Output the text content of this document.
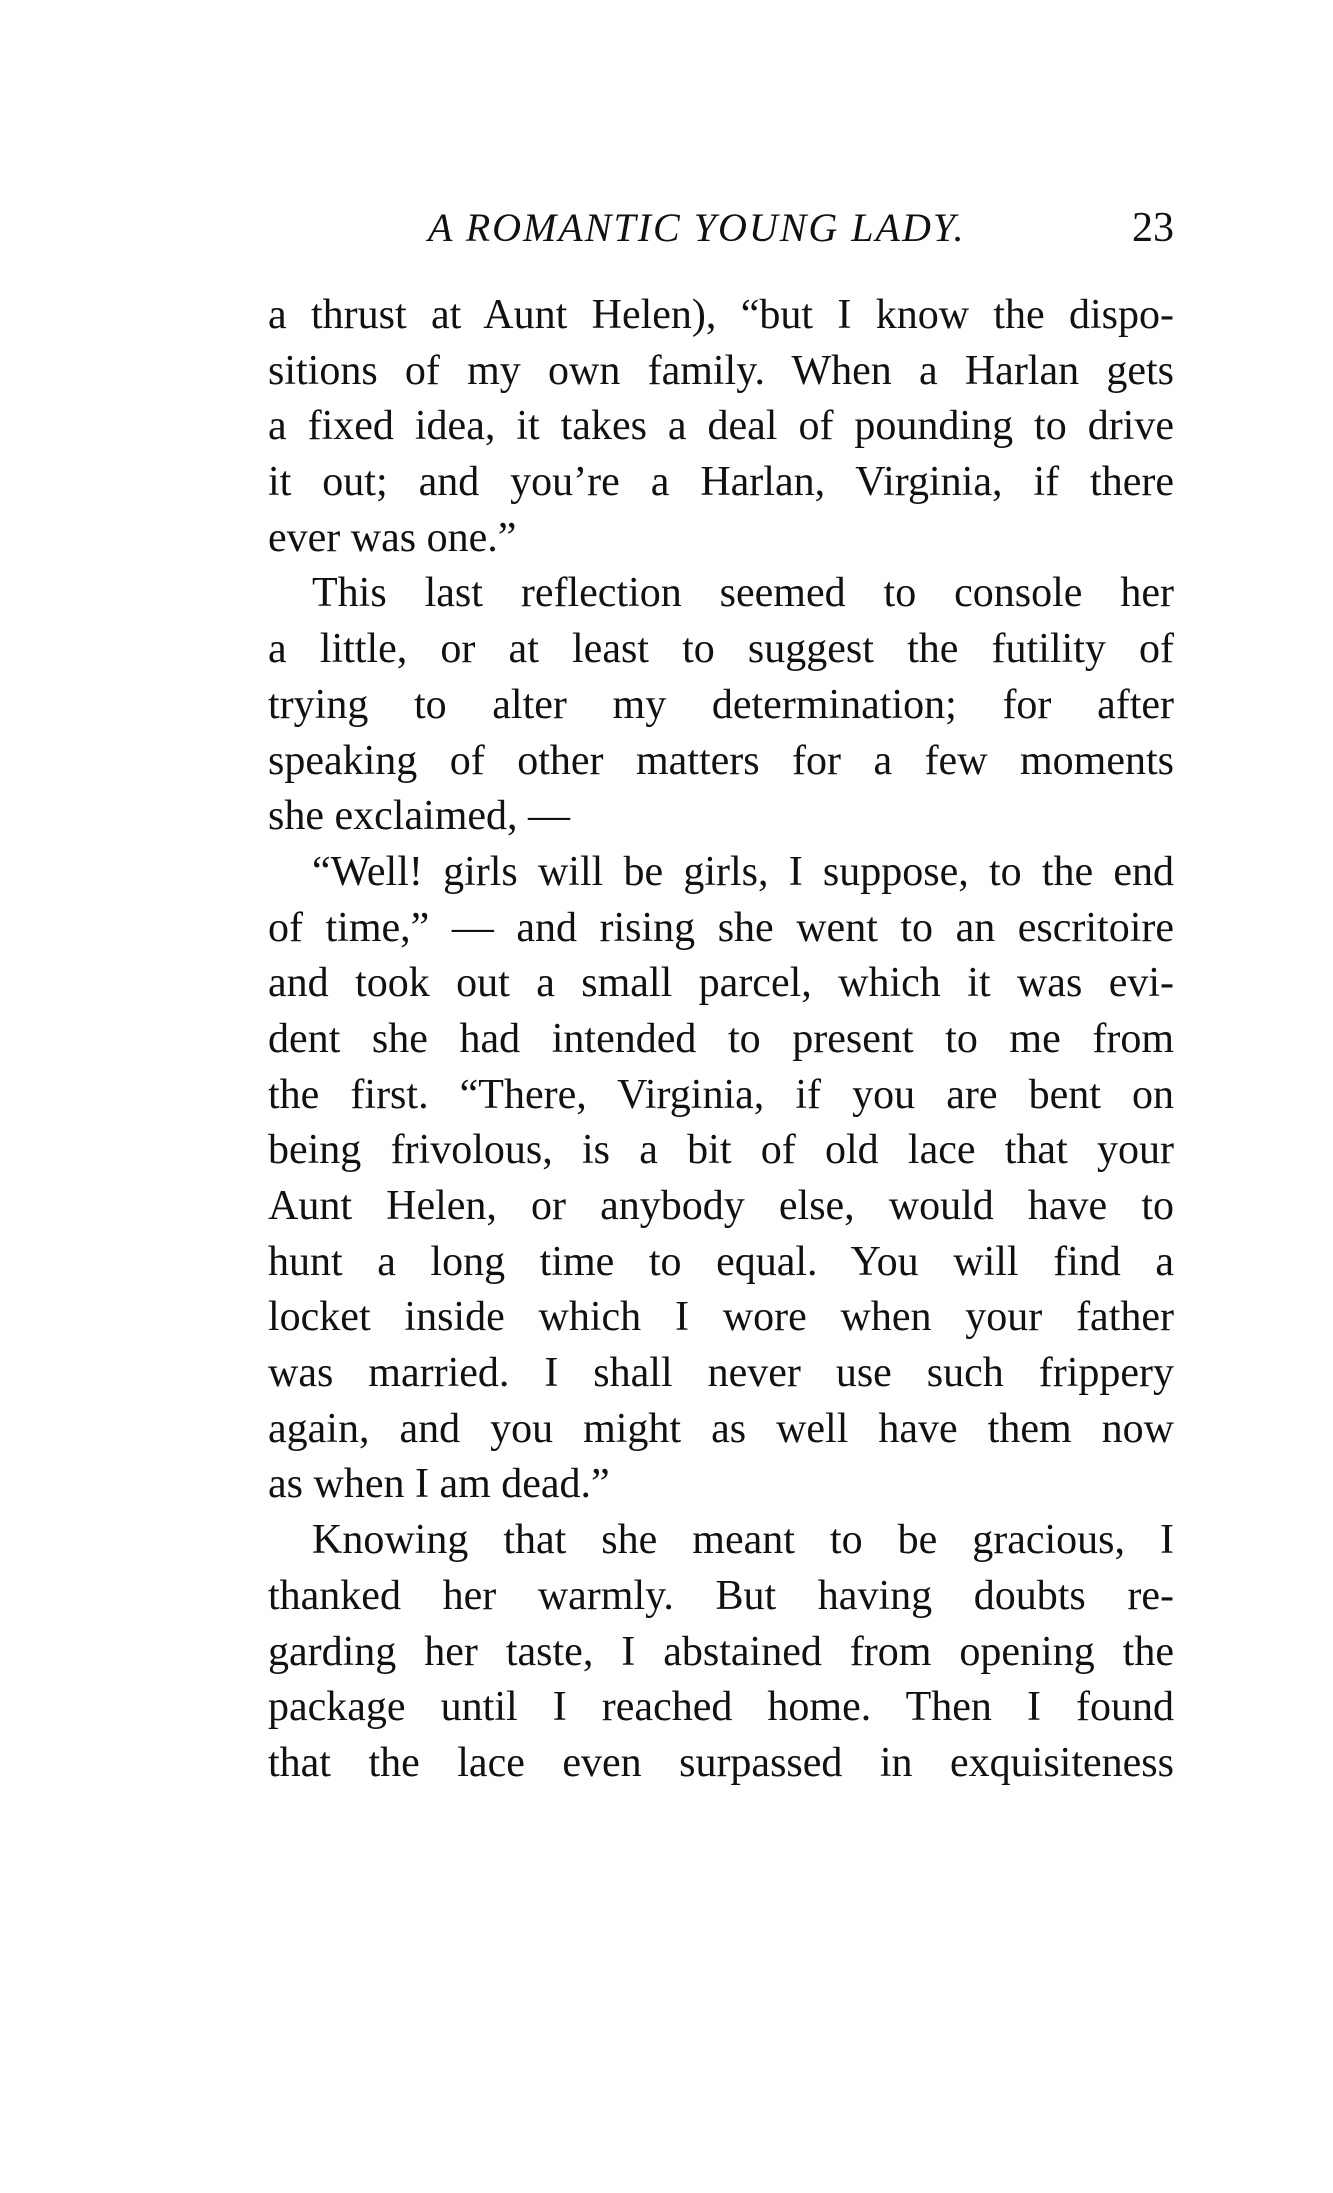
A ROMANTIC YOUNG LADY.	23
a thrust at Aunt Helen), “but I know the dispo-
sitions of my own family. When a Harlan gets
a fixed idea, it takes a deal of pounding to drive
it out; and you’re a Harlan, Virginia, if there
ever was one.”
This last reflection seemed to console her
a little, or at least to suggest the futility of
trying to alter my determination; for after
speaking of other matters for a few moments
she exclaimed, —
“Well! girls will be girls, I suppose, to the end
of time,” — and rising she went to an escritoire
and took out a small parcel, which it was evi-
dent she had intended to present to me from
the first. “There, Virginia, if you are bent on
being frivolous, is a bit of old lace that your
Aunt Helen, or anybody else, would have to
hunt a long time to equal. You will find a
locket inside which I wore when your father
was married. I shall never use such frippery
again, and you might as well have them now
as when I am dead.”
Knowing that she meant to be gracious, I
thanked her warmly. But having doubts re-
garding her taste, I abstained from opening the
package until I reached home. Then I found
that the lace even surpassed in exquisiteness
